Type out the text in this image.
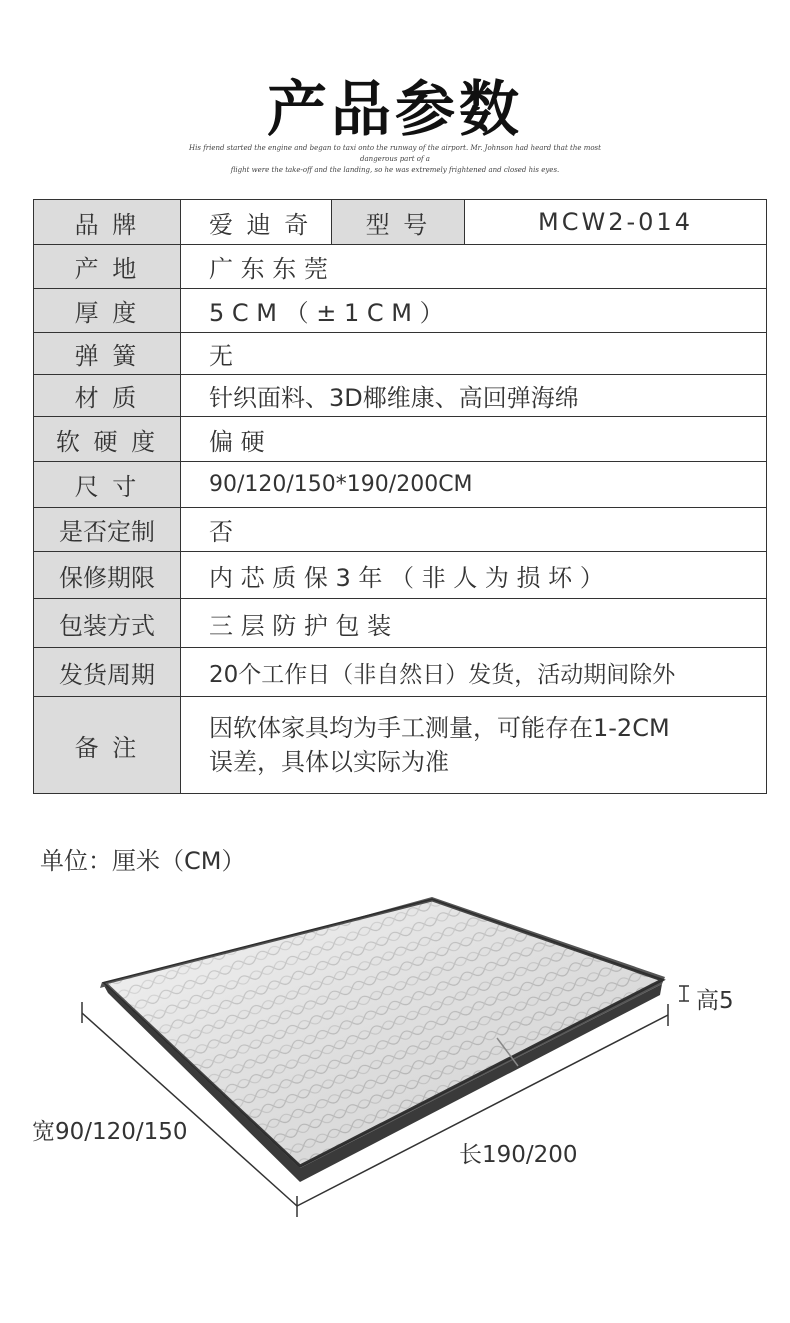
产品参数
His friend started the engine and began to taxi onto the runway of the airport. Mr. Johnson had heard that the most dangerous part of a
flight were the take-off and the landing, so he was extremely frightened and closed his eyes.
品 牌	爱 迪 奇	型 号	MCW2-014
产 地	广 东 东 莞		
厚 度	5 C M （ ± 1 C M ）		
弹 簧	无		
材 质	针织面料、3D椰维康、高回弹海绵		
软 硬 度	偏 硬		
尺 寸	90/120/150*190/200CM		
是否定制	否		
保修期限	内 芯 质 保 3 年 （ 非 人 为 损 坏 ）		
包装方式	三 层 防 护 包 装		
发货周期	20个工作日（非自然日）发货，活动期间除外		
备 注	因软体家具均为手工测量，可能存在1-2CM
误差，具体以实际为准		
单位：厘米（CM）
高5
宽90/120/150
长190/200
